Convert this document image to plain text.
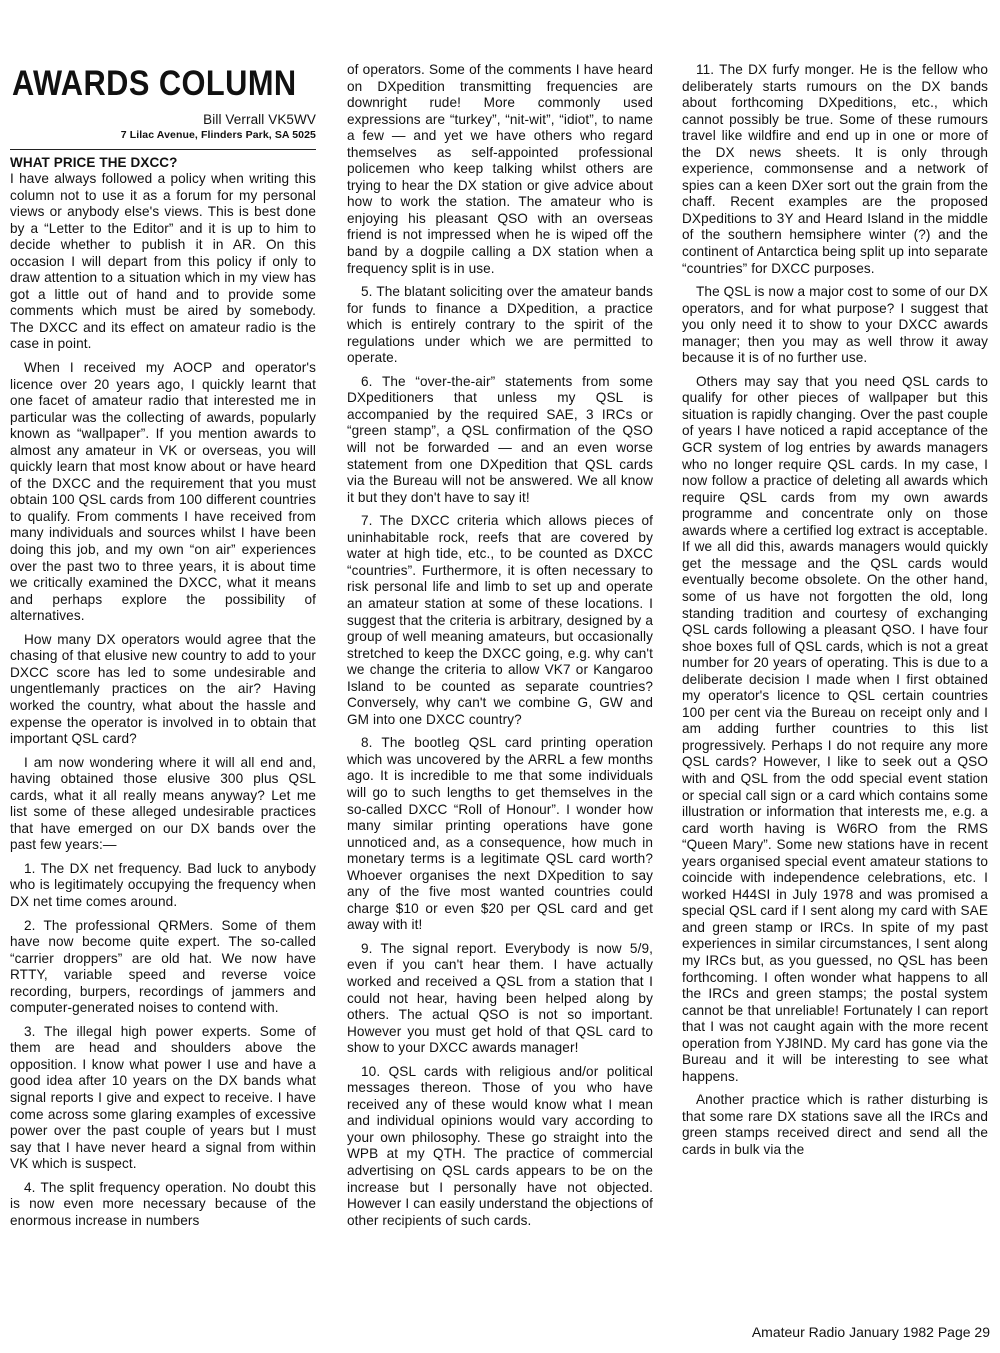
AWARDS COLUMN
Bill Verrall VK5WV
7 Lilac Avenue, Flinders Park, SA 5025
WHAT PRICE THE DXCC?

I have always followed a policy when writing this column not to use it as a forum for my personal views or anybody else's views. This is best done by a “Letter to the Editor” and it is up to him to decide whether to publish it in AR. On this occasion I will depart from this policy if only to draw attention to a situation which in my view has got a little out of hand and to provide some comments which must be aired by somebody. The DXCC and its effect on amateur radio is the case in point.

When I received my AOCP and operator's licence over 20 years ago, I quickly learnt that one facet of amateur radio that interested me in particular was the collecting of awards, popularly known as “wallpaper”. If you mention awards to almost any amateur in VK or overseas, you will quickly learn that most know about or have heard of the DXCC and the requirement that you must obtain 100 QSL cards from 100 different countries to qualify. From comments I have received from many individuals and sources whilst I have been doing this job, and my own “on air” experiences over the past two to three years, it is about time we critically examined the DXCC, what it means and perhaps explore the possibility of alternatives.

How many DX operators would agree that the chasing of that elusive new country to add to your DXCC score has led to some undesirable and ungentlemanly practices on the air? Having worked the country, what about the hassle and expense the operator is involved in to obtain that important QSL card?

I am now wondering where it will all end and, having obtained those elusive 300 plus QSL cards, what it all really means anyway? Let me list some of these alleged undesirable practices that have emerged on our DX bands over the past few years:—

1. The DX net frequency. Bad luck to anybody who is legitimately occupying the frequency when DX net time comes around.

2. The professional QRMers. Some of them have now become quite expert. The so-called “carrier droppers” are old hat. We now have RTTY, variable speed and reverse voice recording, burpers, recordings of jammers and computer-generated noises to contend with.

3. The illegal high power experts. Some of them are head and shoulders above the opposition. I know what power I use and have a good idea after 10 years on the DX bands what signal reports I give and expect to receive. I have come across some glaring examples of excessive power over the past couple of years but I must say that I have never heard a signal from within VK which is suspect.

4. The split frequency operation. No doubt this is now even more necessary because of the enormous increase in numbers

of operators. Some of the comments I have heard on DXpedition transmitting frequencies are downright rude! More commonly used expressions are “turkey”, “nit-wit”, “idiot”, to name a few — and yet we have others who regard themselves as self-appointed professional policemen who keep talking whilst others are trying to hear the DX station or give advice about how to work the station. The amateur who is enjoying his pleasant QSO with an overseas friend is not impressed when he is wiped off the band by a dogpile calling a DX station when a frequency split is in use.

5. The blatant soliciting over the amateur bands for funds to finance a DXpedition, a practice which is entirely contrary to the spirit of the regulations under which we are permitted to operate.

6. The “over-the-air” statements from some DXpeditioners that unless my QSL is accompanied by the required SAE, 3 IRCs or “green stamp”, a QSL confirmation of the QSO will not be forwarded — and an even worse statement from one DXpedition that QSL cards via the Bureau will not be answered. We all know it but they don't have to say it!

7. The DXCC criteria which allows pieces of uninhabitable rock, reefs that are covered by water at high tide, etc., to be counted as DXCC “countries”. Furthermore, it is often necessary to risk personal life and limb to set up and operate an amateur station at some of these locations. I suggest that the criteria is arbitrary, designed by a group of well meaning amateurs, but occasionally stretched to keep the DXCC going, e.g. why can't we change the criteria to allow VK7 or Kangaroo Island to be counted as separate countries? Conversely, why can't we combine G, GW and GM into one DXCC country?

8. The bootleg QSL card printing operation which was uncovered by the ARRL a few months ago. It is incredible to me that some individuals will go to such lengths to get themselves in the so-called DXCC “Roll of Honour”. I wonder how many similar printing operations have gone unnoticed and, as a consequence, how much in monetary terms is a legitimate QSL card worth? Whoever organises the next DXpedition to say any of the five most wanted countries could charge $10 or even $20 per QSL card and get away with it!

9. The signal report. Everybody is now 5/9, even if you can't hear them. I have actually worked and received a QSL from a station that I could not hear, having been helped along by others. The actual QSO is not so important. However you must get hold of that QSL card to show to your DXCC awards manager!

10. QSL cards with religious and/or political messages thereon. Those of you who have received any of these would know what I mean and individual opinions would vary according to your own philosophy. These go straight into the WPB at my QTH. The practice of commercial advertising on QSL cards appears to be on the increase but I personally have not objected. However I can easily understand the objections of other recipients of such cards.

11. The DX furfy monger. He is the fellow who deliberately starts rumours on the DX bands about forthcoming DXpeditions, etc., which cannot possibly be true. Some of these rumours travel like wildfire and end up in one or more of the DX news sheets. It is only through experience, commonsense and a network of spies can a keen DXer sort out the grain from the chaff. Recent examples are the proposed DXpeditions to 3Y and Heard Island in the middle of the southern hemsiphere winter (?) and the continent of Antarctica being split up into separate “countries” for DXCC purposes.

The QSL is now a major cost to some of our DX operators, and for what purpose? I suggest that you only need it to show to your DXCC awards manager; then you may as well throw it away because it is of no further use.

Others may say that you need QSL cards to qualify for other pieces of wallpaper but this situation is rapidly changing. Over the past couple of years I have noticed a rapid acceptance of the GCR system of log entries by awards managers who no longer require QSL cards. In my case, I now follow a practice of deleting all awards which require QSL cards from my own awards programme and concentrate only on those awards where a certified log extract is acceptable. If we all did this, awards managers would quickly get the message and the QSL cards would eventually become obsolete. On the other hand, some of us have not forgotten the old, long standing tradition and courtesy of exchanging QSL cards following a pleasant QSO. I have four shoe boxes full of QSL cards, which is not a great number for 20 years of operating. This is due to a deliberate decision I made when I first obtained my operator's licence to QSL certain countries 100 per cent via the Bureau on receipt only and I am adding further countries to this list progressively. Perhaps I do not require any more QSL cards? However, I like to seek out a QSO with and QSL from the odd special event station or special call sign or a card which contains some illustration or information that interests me, e.g. a card worth having is W6RO from the RMS “Queen Mary”. Some new stations have in recent years organised special event amateur stations to coincide with independence celebrations, etc. I worked H44SI in July 1978 and was promised a special QSL card if I sent along my card with SAE and green stamp or IRCs. In spite of my past experiences in similar circumstances, I sent along my IRCs but, as you guessed, no QSL has been forthcoming. I often wonder what happens to all the IRCs and green stamps; the postal system cannot be that unreliable! Fortunately I can report that I was not caught again with the more recent operation from YJ8IND. My card has gone via the Bureau and it will be interesting to see what happens.

Another practice which is rather disturbing is that some rare DX stations save all the IRCs and green stamps received direct and send all the cards in bulk via the

Amateur Radio January 1982 Page 29
